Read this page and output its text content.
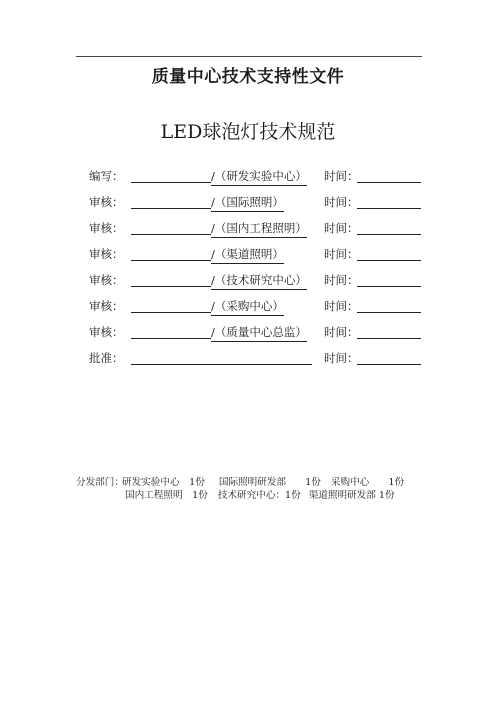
质量中心技术支持性文件
LED球泡灯技术规范
编写：	/（研发实验中心） 时间：
审核：	/（国际照明）	时间：
审核：	/（国内工程照明） 时间：
审核：	/（渠道照明）	时间：
审核：	/（技术研究中心） 时间：
审核：	/（采购中心）	时间：
审核：	/（质量中心总监） 时间：
批准：	时间：
分发部门：研发实验中心　1份 国际照明研发部　　1份 采购中心　　1份
国内工程照明　1份 技术研究中心：1份 渠道照明研发部 1份
